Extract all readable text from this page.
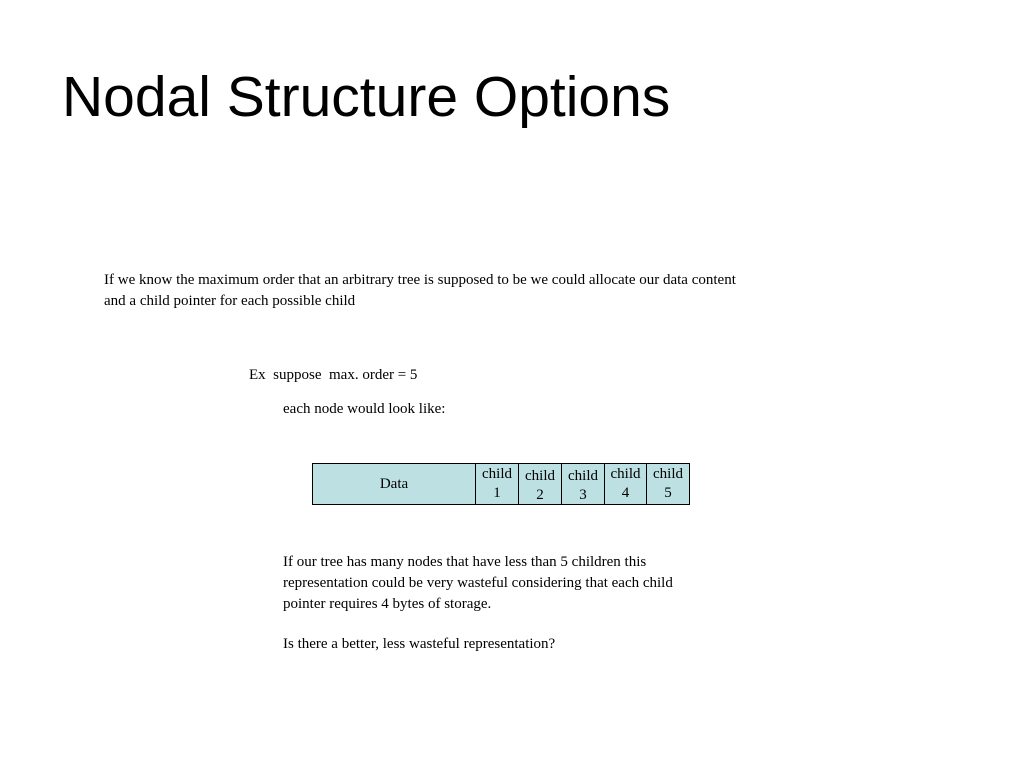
Nodal Structure Options
If we know the maximum order that an arbitrary tree is supposed to be we could allocate our data content
and a child pointer for each possible child
Ex  suppose  max. order = 5
each node would look like:
Data
child
1
child
2
child
3
child
4
child
5
If our tree has many nodes that have less than 5 children this
representation could be very wasteful considering that each child
pointer requires 4 bytes of storage.
Is there a better, less wasteful representation?
